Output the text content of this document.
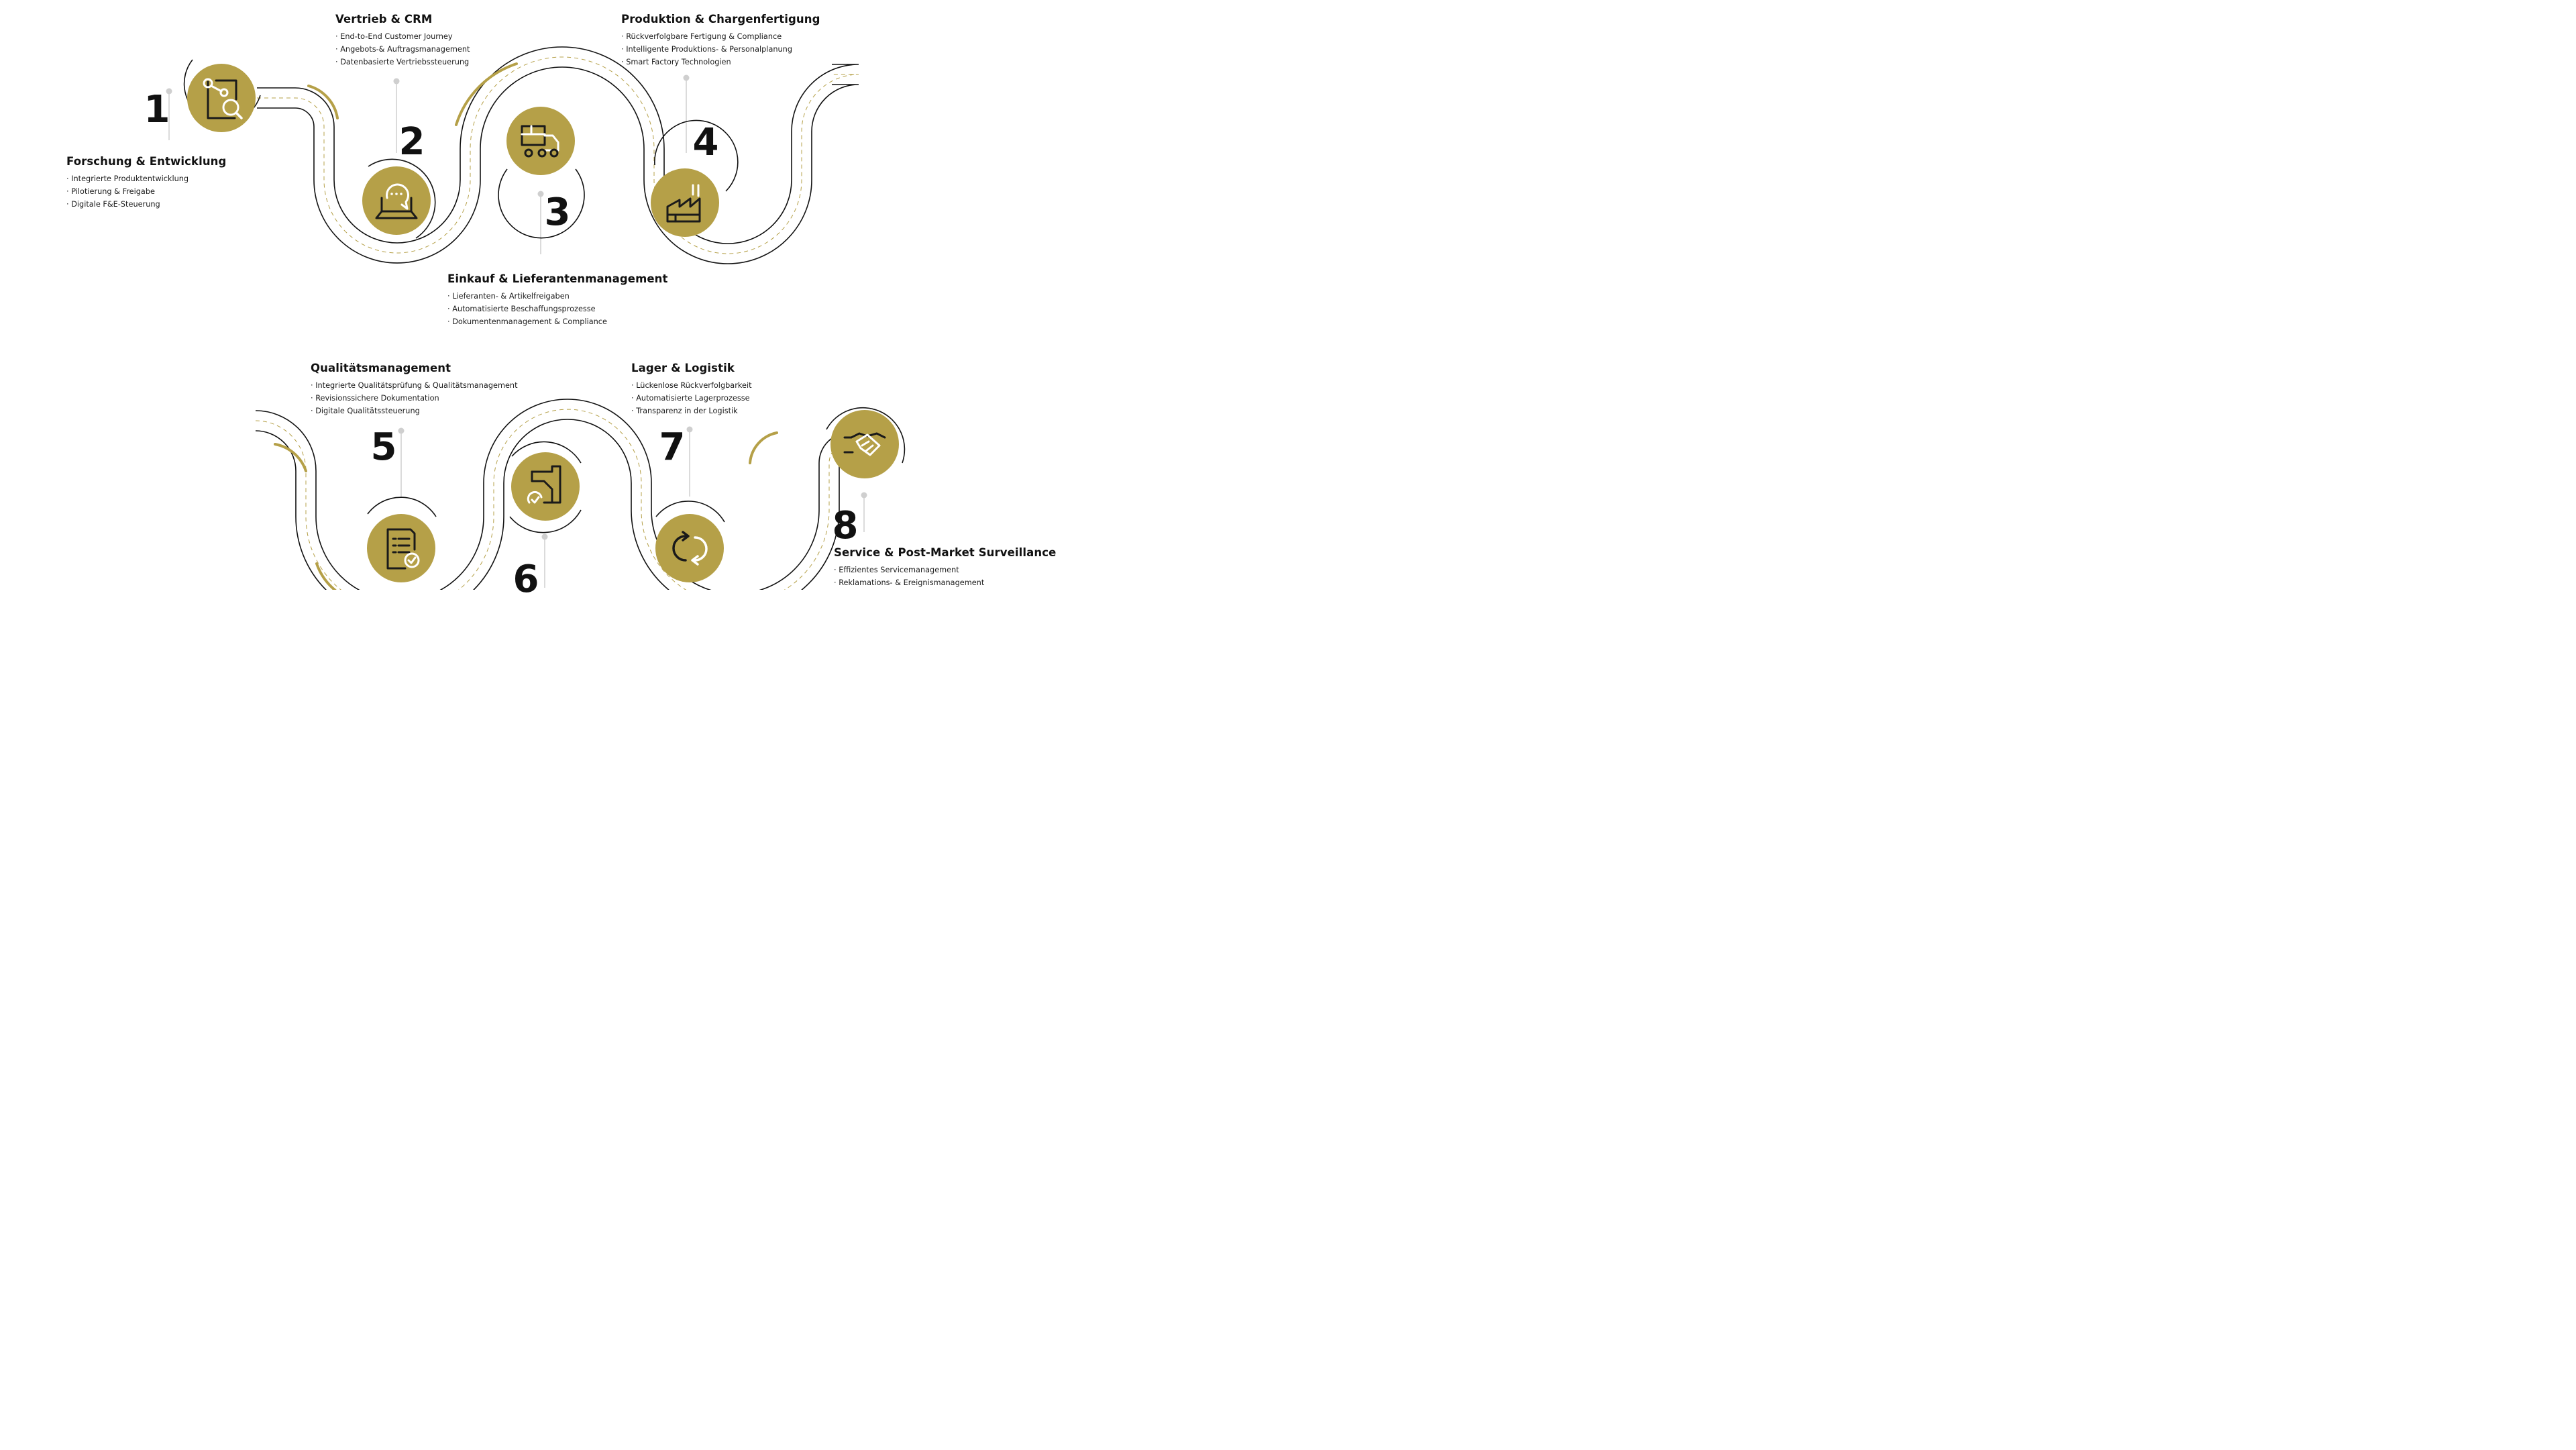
1
Forschung & Entwicklung
· Integrierte Produktentwicklung
· Pilotierung & Freigabe
· Digitale F&E-Steuerung
2
Vertrieb & CRM
· End-to-End Customer Journey
· Angebots-& Auftragsmanagement
· Datenbasierte Vertriebssteuerung
3
Einkauf & Lieferantenmanagement
· Lieferanten- & Artikelfreigaben
· Automatisierte Beschaffungsprozesse
· Dokumentenmanagement & Compliance
4
Produktion & Chargenfertigung
· Rückverfolgbare Fertigung & Compliance
· Intelligente Produktions- & Personalplanung
· Smart Factory Technologien
5
Qualitätsmanagement
· Integrierte Qualitätsprüfung & Qualitätsmanagement
· Revisionssichere Dokumentation
· Digitale Qualitätssteuerung
6
7
Lager & Logistik
· Lückenlose Rückverfolgbarkeit
· Automatisierte Lagerprozesse
· Transparenz in der Logistik
8
Service & Post-Market Surveillance
· Effizientes Servicemanagement
· Reklamations- & Ereignismanagement
